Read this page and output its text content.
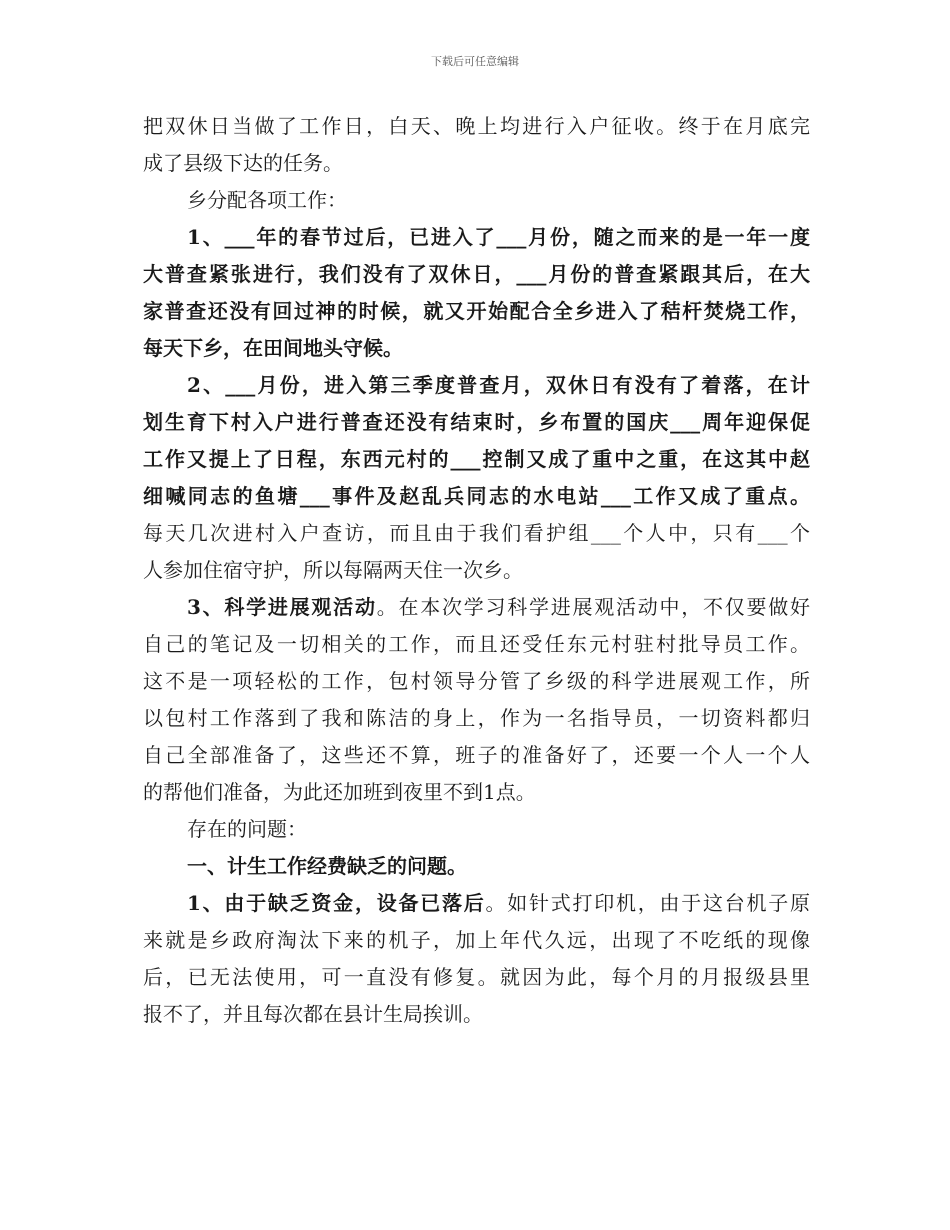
下载后可任意编辑
把双休日当做了工作日，白天、晚上均进行入户征收。终于在月底完
成了县级下达的任务。
乡分配各项工作：
1、___年的春节过后，已进入了___月份，随之而来的是一年一度
大普查紧张进行，我们没有了双休日，___月份的普查紧跟其后，在大
家普查还没有回过神的时候，就又开始配合全乡进入了秸杆焚烧工作，
每天下乡，在田间地头守候。
2、___月份，进入第三季度普查月，双休日有没有了着落，在计
划生育下村入户进行普查还没有结束时，乡布置的国庆___周年迎保促
工作又提上了日程，东西元村的___控制又成了重中之重，在这其中赵
细喊同志的鱼塘___事件及赵乱兵同志的水电站___工作又成了重点。
每天几次进村入户查访，而且由于我们看护组___个人中，只有___个
人参加住宿守护，所以每隔两天住一次乡。
3、科学进展观活动。在本次学习科学进展观活动中，不仅要做好
自己的笔记及一切相关的工作，而且还受任东元村驻村批导员工作。
这不是一项轻松的工作，包村领导分管了乡级的科学进展观工作，所
以包村工作落到了我和陈洁的身上，作为一名指导员，一切资料都归
自己全部准备了，这些还不算，班子的准备好了，还要一个人一个人
的帮他们准备，为此还加班到夜里不到1点。
存在的问题：
一、计生工作经费缺乏的问题。
1、由于缺乏资金，设备已落后。如针式打印机，由于这台机子原
来就是乡政府淘汰下来的机子，加上年代久远，出现了不吃纸的现像
后，已无法使用，可一直没有修复。就因为此，每个月的月报级县里
报不了，并且每次都在县计生局挨训。
